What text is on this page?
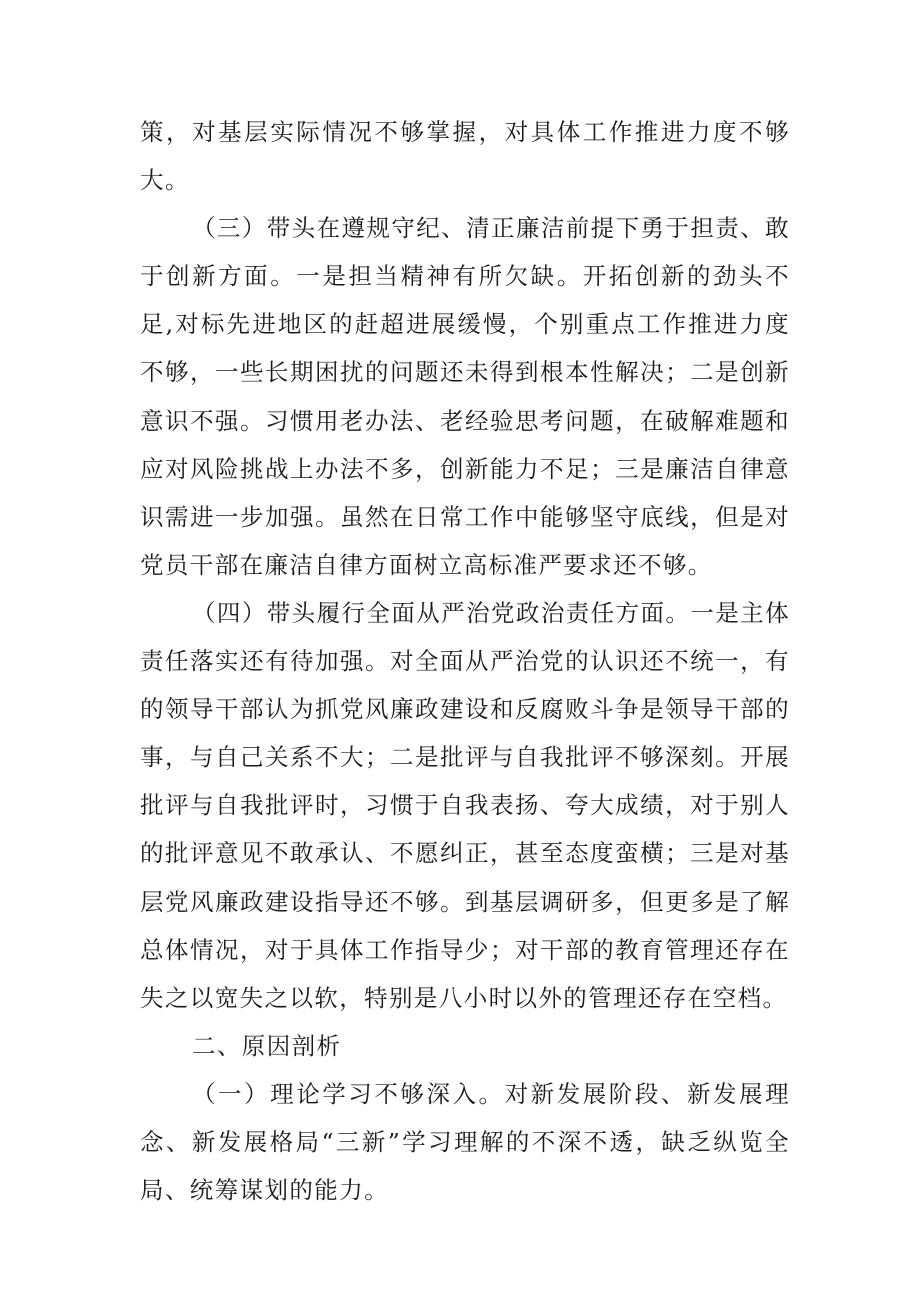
策，对基层实际情况不够掌握，对具体工作推进力度不够大。

（三）带头在遵规守纪、清正廉洁前提下勇于担责、敢于创新方面。一是担当精神有所欠缺。开拓创新的劲头不足,对标先进地区的赶超进展缓慢，个别重点工作推进力度不够，一些长期困扰的问题还未得到根本性解决；二是创新意识不强。习惯用老办法、老经验思考问题，在破解难题和应对风险挑战上办法不多，创新能力不足；三是廉洁自律意识需进一步加强。虽然在日常工作中能够坚守底线，但是对党员干部在廉洁自律方面树立高标准严要求还不够。

（四）带头履行全面从严治党政治责任方面。一是主体责任落实还有待加强。对全面从严治党的认识还不统一，有的领导干部认为抓党风廉政建设和反腐败斗争是领导干部的事，与自己关系不大；二是批评与自我批评不够深刻。开展批评与自我批评时，习惯于自我表扬、夸大成绩，对于别人的批评意见不敢承认、不愿纠正，甚至态度蛮横；三是对基层党风廉政建设指导还不够。到基层调研多，但更多是了解总体情况，对于具体工作指导少；对干部的教育管理还存在失之以宽失之以软，特别是八小时以外的管理还存在空档。

二、原因剖析

（一）理论学习不够深入。对新发展阶段、新发展理念、新发展格局“三新”学习理解的不深不透，缺乏纵览全局、统筹谋划的能力。
